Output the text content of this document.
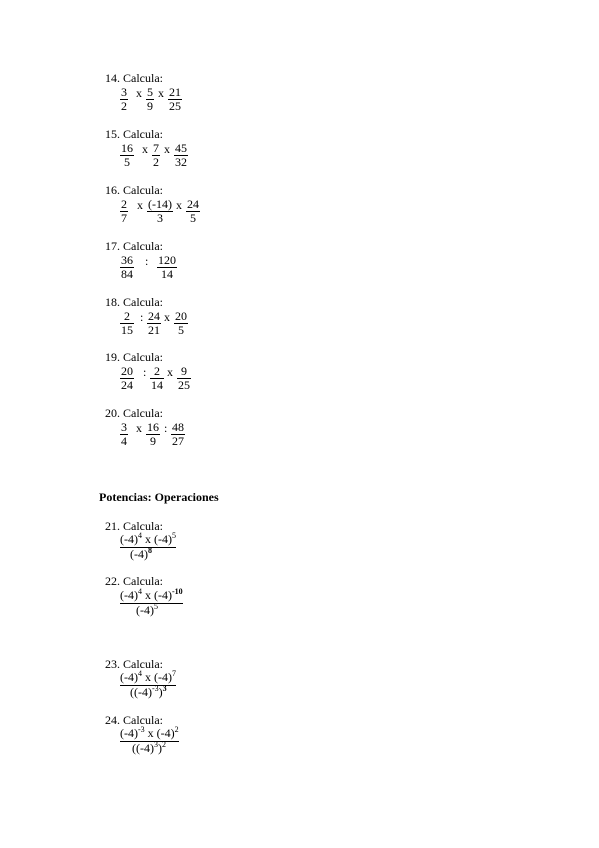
14. Calcula:
$\frac{3}{2}$ x $\frac{5}{9}$ x $\frac{21}{25}$
15. Calcula:
$\frac{16}{5}$ x $\frac{7}{2}$ x $\frac{45}{32}$
16. Calcula:
$\frac{2}{7}$ x $\frac{(-14)}{3}$ x $\frac{24}{5}$
17. Calcula:
$\frac{36}{84}$ : $\frac{120}{14}$
18. Calcula:
$\frac{2}{15}$ : $\frac{24}{21}$ x $\frac{20}{5}$
19. Calcula:
$\frac{20}{24}$ : $\frac{2}{14}$ x $\frac{9}{25}$
20. Calcula:
$\frac{3}{4}$ x $\frac{16}{9}$ : $\frac{48}{27}$
Potencias: Operaciones
21. Calcula:
$\frac{(-4)^4 x (-4)^5}{(-4)^8}$
22. Calcula:
$\frac{(-4)^4 x (-4)^{-10}}{(-4)^5}$
23. Calcula:
$\frac{(-4)^4 x (-4)^7}{((-4)^{-3})^3}$
24. Calcula:
$\frac{(-4)^{-3} x (-4)^2}{((-4)^3)^2}$
